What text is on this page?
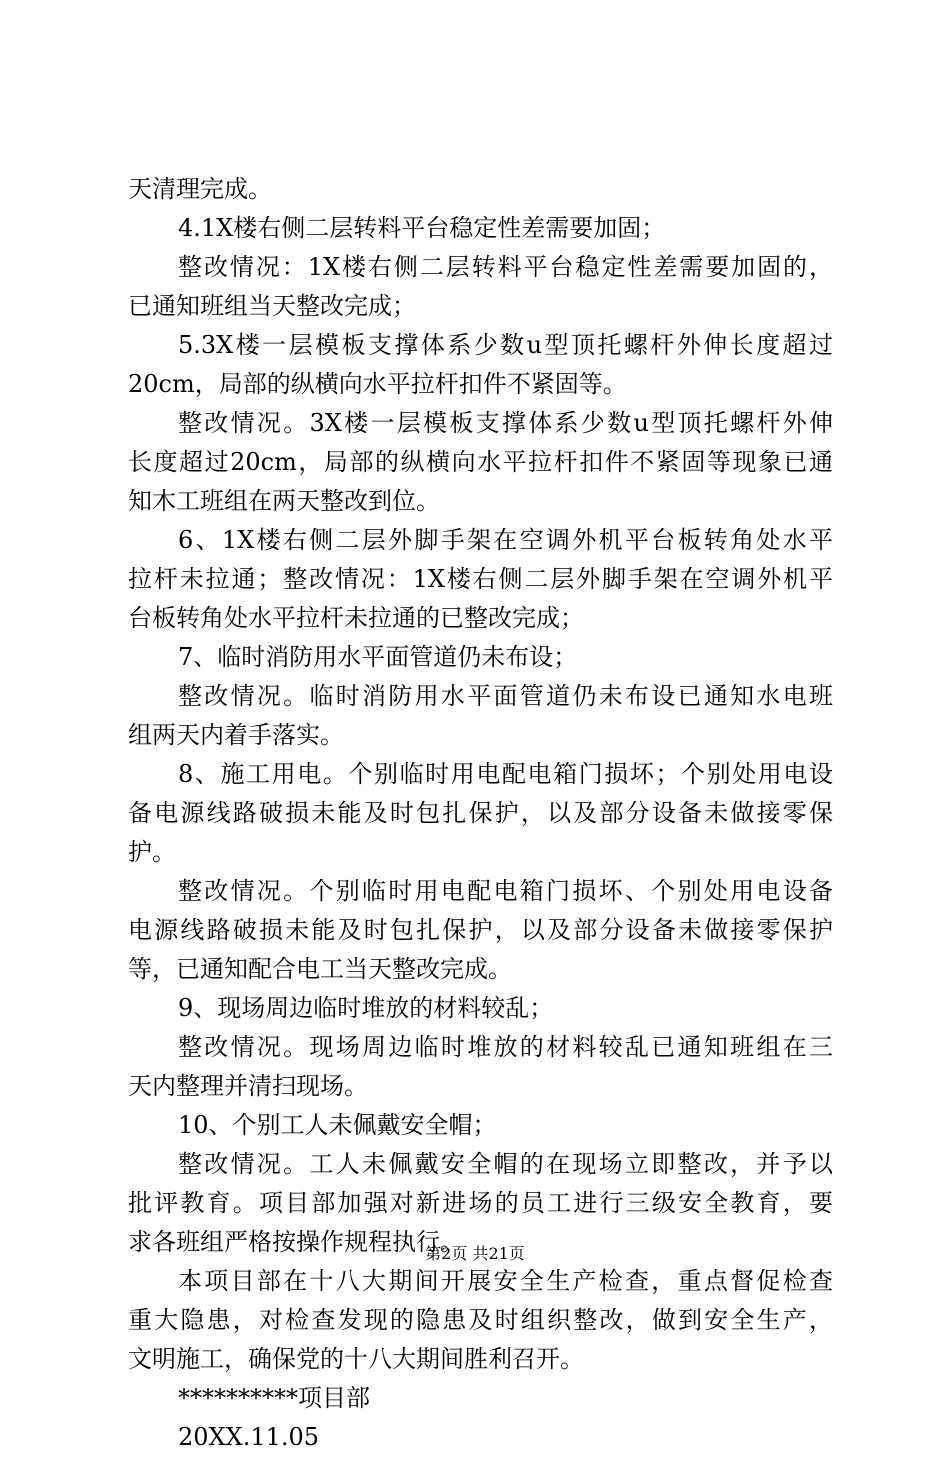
天清理完成。
4.1X楼右侧二层转料平台稳定性差需要加固；
整改情况：1X楼右侧二层转料平台稳定性差需要加固的，
已通知班组当天整改完成；
5.3X楼一层模板支撑体系少数u型顶托螺杆外伸长度超过
20cm，局部的纵横向水平拉杆扣件不紧固等。
整改情况。3X楼一层模板支撑体系少数u型顶托螺杆外伸
长度超过20cm，局部的纵横向水平拉杆扣件不紧固等现象已通
知木工班组在两天整改到位。
6、1X楼右侧二层外脚手架在空调外机平台板转角处水平
拉杆未拉通；整改情况：1X楼右侧二层外脚手架在空调外机平
台板转角处水平拉杆未拉通的已整改完成；
7、临时消防用水平面管道仍未布设；
整改情况。临时消防用水平面管道仍未布设已通知水电班
组两天内着手落实。
8、施工用电。个别临时用电配电箱门损坏；个别处用电设
备电源线路破损未能及时包扎保护，以及部分设备未做接零保
护。
整改情况。个别临时用电配电箱门损坏、个别处用电设备
电源线路破损未能及时包扎保护，以及部分设备未做接零保护
等，已通知配合电工当天整改完成。
9、现场周边临时堆放的材料较乱；
整改情况。现场周边临时堆放的材料较乱已通知班组在三
天内整理并清扫现场。
10、个别工人未佩戴安全帽；
整改情况。工人未佩戴安全帽的在现场立即整改，并予以
批评教育。项目部加强对新进场的员工进行三级安全教育，要
求各班组严格按操作规程执行。
本项目部在十八大期间开展安全生产检查，重点督促检查
重大隐患，对检查发现的隐患及时组织整改，做到安全生产，
文明施工，确保党的十八大期间胜利召开。
**********项目部
20XX.11.05
第2页 共21页
